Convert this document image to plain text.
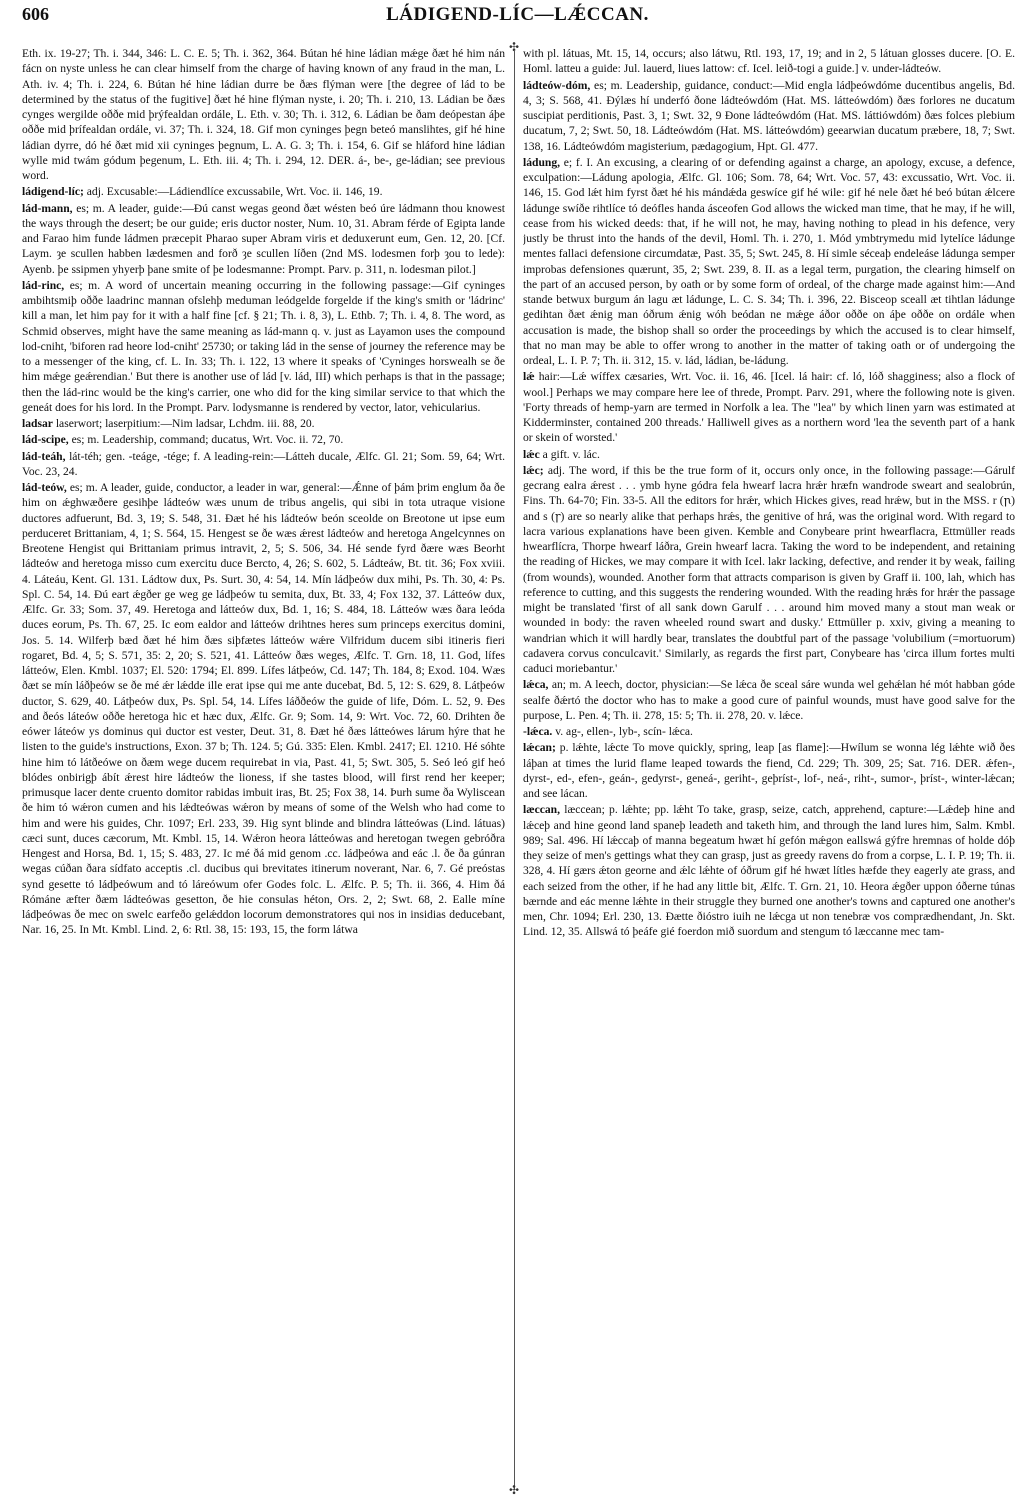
606	LÁDIGEND-LÍC—LǼCCAN.
✣
✣

Eth. ix. 19-27; Th. i. 344, 346: L. C. E. 5; Th. i. 362, 364. Bútan hé hine ládian mǽge ðæt hé him nán fácn on nyste unless he can clear himself from the charge of having known of any fraud in the man, L. Ath. iv. 4; Th. i. 224, 6. Bútan hé hine ládian durre be ðæs flýman were [the degree of lád to be determined by the status of the fugitive] ðæt hé hine flýman nyste, i. 20; Th. i. 210, 13. Ládian be ðæs cynges wergilde oððe mid þrýfealdan ordále, L. Eth. v. 30; Th. i. 312, 6. Ládian be ðam deópestan áþe oððe mid þrífealdan ordále, vi. 37; Th. i. 324, 18. Gif mon cyninges þegn beteó manslihtes, gif hé hine ládian dyrre, dó hé ðæt mid xii cyninges þegnum, L. A. G. 3; Th. i. 154, 6. Gif se hláford hine ládian wylle mid twám gódum þegenum, L. Eth. iii. 4; Th. i. 294, 12. DER. á-, be-, ge-ládian; see previous word.

ládigend-líc; adj. Excusable:—Ládiendlíce excussabile, Wrt. Voc. ii. 146, 19.

lád-mann, es; m. A leader, guide:—Ðú canst wegas geond ðæt wésten beó úre ládmann thou knowest the ways through the desert; be our guide; eris ductor noster, Num. 10, 31. Abram férde of Egipta lande and Farao him funde ládmen præcepit Pharao super Abram viris et deduxerunt eum, Gen. 12, 20. [Cf. Laym. ȝe scullen habben lædesmen and forð ȝe scullen líðen (2nd MS. lodesmen forþ ȝou to lede): Ayenb. þe ssipmen yhyerþ þane smite of þe lodesmanne: Prompt. Parv. p. 311, n. lodesman pilot.]

lád-rinc, es; m. A word of uncertain meaning occurring in the following passage:—Gif cyninges ambihtsmiþ oððe laadrinc mannan ofslehþ meduman leódgelde forgelde if the king's smith or 'ládrinc' kill a man, let him pay for it with a half fine [cf. § 21; Th. i. 8, 3), L. Ethb. 7; Th. i. 4, 8. The word, as Schmid observes, might have the same meaning as lád-mann q. v. just as Layamon uses the compound lod-cniht, 'biforen rad heore lod-cniht' 25730; or taking lád in the sense of journey the reference may be to a messenger of the king, cf. L. In. 33; Th. i. 122, 13 where it speaks of 'Cyninges horswealh se ðe him mǽge geǽrendian.' But there is another use of lád [v. lád, III) which perhaps is that in the passage; then the lád-rinc would be the king's carrier, one who did for the king similar service to that which the geneát does for his lord. In the Prompt. Parv. lodysmanne is rendered by vector, lator, vehicularius.

ladsar laserwort; laserpitium:—Nim ladsar, Lchdm. iii. 88, 20.

lád-scipe, es; m. Leadership, command; ducatus, Wrt. Voc. ii. 72, 70.

lád-teáh, lát-téh; gen. -teáge, -tége; f. A leading-rein:—Látteh ducale, Ælfc. Gl. 21; Som. 59, 64; Wrt. Voc. 23, 24.

lád-teów, es; m. A leader, guide, conductor, a leader in war, general:—Ǽnne of þám þrim englum ða ðe him on ǽghwæðere gesihþe ládteów wæs unum de tribus angelis, qui sibi in tota utraque visione ductores adfuerunt, Bd. 3, 19; S. 548, 31. Ðæt hé his ládteów beón sceolde on Breotone ut ipse eum perduceret Brittaniam, 4, 1; S. 564, 15. Hengest se ðe wæs ǽrest ládteów and heretoga Angelcynnes on Breotene Hengist qui Brittaniam primus intravit, 2, 5; S. 506, 34. Hé sende fyrd ðære wæs Beorht ládteów and heretoga misso cum exercitu duce Bercto, 4, 26; S. 602, 5. Ládteáw, Bt. tit. 36; Fox xviii. 4. Láteáu, Kent. Gl. 131. Ládtow dux, Ps. Surt. 30, 4: 54, 14. Mín ládþeów dux mihi, Ps. Th. 30, 4: Ps. Spl. C. 54, 14. Ðú eart ǽgðer ge weg ge ládþeów tu semita, dux, Bt. 33, 4; Fox 132, 37. Látteów dux, Ælfc. Gr. 33; Som. 37, 49. Heretoga and látteów dux, Bd. 1, 16; S. 484, 18. Látteów wæs ðara leóda duces eorum, Ps. Th. 67, 25. Ic eom ealdor and látteów drihtnes heres sum princeps exercitus domini, Jos. 5. 14. Wilferþ bæd ðæt hé him ðæs siþfætes látteów wǽre Vilfridum ducem sibi itineris fieri rogaret, Bd. 4, 5; S. 571, 35: 2, 20; S. 521, 41. Látteów ðæs weges, Ælfc. T. Grn. 18, 11. God, lífes látteów, Elen. Kmbl. 1037; El. 520: 1794; El. 899. Lífes látþeów, Cd. 147; Th. 184, 8; Exod. 104. Wæs ðæt se mín láðþeów se ðe mé ǽr lǽdde ille erat ipse qui me ante ducebat, Bd. 5, 12: S. 629, 8. Látþeów ductor, S. 629, 40. Látþeów dux, Ps. Spl. 54, 14. Lífes láððeów the guide of life, Dóm. L. 52, 9. Ðes and ðeós láteów oððe heretoga hic et hæc dux, Ælfc. Gr. 9; Som. 14, 9: Wrt. Voc. 72, 60. Drihten ðe eówer láteów ys dominus qui ductor est vester, Deut. 31, 8. Ðæt hé ðæs látteówes lárum hýre that he listen to the guide's instructions, Exon. 37 b; Th. 124. 5; Gú. 335: Elen. Kmbl. 2417; El. 1210. Hé sóhte hine him tó látðeówe on ðæm wege ducem requirebat in via, Past. 41, 5; Swt. 305, 5. Seó leó gif heó blódes onbirigþ ábít ǽrest hire ládteów the lioness, if she tastes blood, will first rend her keeper; primusque lacer dente cruento domitor rabidas imbuit iras, Bt. 25; Fox 38, 14. Þurh sume ða Wyliscean ðe him tó wǽron cumen and his lǽdteówas wǽron by means of some of the Welsh who had come to him and were his guides, Chr. 1097; Erl. 233, 39. Hig synt blinde and blindra látteówas (Lind. látuas) cæci sunt, duces cæcorum, Mt. Kmbl. 15, 14. Wǽron heora látteówas and heretogan twegen gebróðra Hengest and Horsa, Bd. 1, 15; S. 483, 27. Ic mé ðá mid genom .cc. ládþeówa and eác .l. ðe ða gúnran wegas cúðan ðara sídfato acceptis .cl. ducibus qui brevitates itinerum noverant, Nar. 6, 7. Gé preóstas synd gesette tó ládþeówum and tó láreówum ofer Godes folc. L. Ælfc. P. 5; Th. ii. 366, 4. Him ðá Rómáne æfter ðæm ládteówas gesetton, ðe hie consulas héton, Ors. 2, 2; Swt. 68, 2. Ealle míne ládþeówas ðe mec on swelc earfeðo gelǽddon locorum demonstratores qui nos in insidias deducebant, Nar. 16, 25. In Mt. Kmbl. Lind. 2, 6: Rtl. 38, 15: 193, 15, the form látwa

with pl. látuas, Mt. 15, 14, occurs; also látwu, Rtl. 193, 17, 19; and in 2, 5 látuan glosses ducere. [O. E. Homl. latteu a guide: Jul. lauerd, liues lattow: cf. Icel. leið-togi a guide.] v. under-ládteów.

ládteów-dóm, es; m. Leadership, guidance, conduct:—Mid engla ládþeówdóme ducentibus angelis, Bd. 4, 3; S. 568, 41. Ðýlæs hí underfó ðone ládteówdóm (Hat. MS. látteówdóm) ðæs forlores ne ducatum suscipiat perditionis, Past. 3, 1; Swt. 32, 9 Ðone ládteówdóm (Hat. MS. láttiówdóm) ðæs folces plebium ducatum, 7, 2; Swt. 50, 18. Ládteówdóm (Hat. MS. látteówdóm) geearwian ducatum præbere, 18, 7; Swt. 138, 16. Ládteówdóm magisterium, pædagogium, Hpt. Gl. 477.

ládung, e; f. I. An excusing, a clearing of or defending against a charge, an apology, excuse, a defence, exculpation:—Ládung apologia, Ælfc. Gl. 106; Som. 78, 64; Wrt. Voc. 57, 43: excussatio, Wrt. Voc. ii. 146, 15. God lǽt him fyrst ðæt hé his mándǽda geswíce gif hé wile: gif hé nele ðæt hé beó bútan ǽlcere ládunge swíðe rihtlíce tó deófles handa ásceofen God allows the wicked man time, that he may, if he will, cease from his wicked deeds: that, if he will not, he may, having nothing to plead in his defence, very justly be thrust into the hands of the devil, Homl. Th. i. 270, 1. Mód ymbtrymedu mid lytelíce ládunge mentes fallaci defensione circumdatæ, Past. 35, 5; Swt. 245, 8. Hí simle séceaþ endeleáse ládunga semper improbas defensiones quærunt, 35, 2; Swt. 239, 8. II. as a legal term, purgation, the clearing himself on the part of an accused person, by oath or by some form of ordeal, of the charge made against him:—And stande betwux burgum án lagu æt ládunge, L. C. S. 34; Th. i. 396, 22. Bisceop sceall æt tihtlan ládunge gedihtan ðæt ǽnig man óðrum ǽnig wóh beódan ne mǽge áðor oððe on áþe oððe on ordále when accusation is made, the bishop shall so order the proceedings by which the accused is to clear himself, that no man may be able to offer wrong to another in the matter of taking oath or of undergoing the ordeal, L. I. P. 7; Th. ii. 312, 15. v. lád, ládian, be-ládung.

lǽ hair:—Lǽ wíffex cæsaries, Wrt. Voc. ii. 16, 46. [Icel. lá hair: cf. ló, lóð shagginess; also a flock of wool.] Perhaps we may compare here lee of threde, Prompt. Parv. 291, where the following note is given. 'Forty threads of hemp-yarn are termed in Norfolk a lea. The "lea" by which linen yarn was estimated at Kidderminster, contained 200 threads.' Halliwell gives as a northern word 'lea the seventh part of a hank or skein of worsted.'

lǽc a gift. v. lác.

lǽc; adj. The word, if this be the true form of it, occurs only once, in the following passage:—Gárulf gecrang ealra ǽrest . . . ymb hyne gódra fela hwearf lacra hrǽr hræfn wandrode sweart and sealobrún, Fins. Th. 64-70; Fin. 33-5. All the editors for hrǽr, which Hickes gives, read hrǽw, but in the MSS. r (ꞃ) and s (ꞅ) are so nearly alike that perhaps hrǽs, the genitive of hrá, was the original word. With regard to lacra various explanations have been given. Kemble and Conybeare print hwearflacra, Ettmüller reads hwearflícra, Thorpe hwearf láðra, Grein hwearf lacra. Taking the word to be independent, and retaining the reading of Hickes, we may compare it with Icel. lakr lacking, defective, and render it by weak, failing (from wounds), wounded. Another form that attracts comparison is given by Graff ii. 100, lah, which has reference to cutting, and this suggests the rendering wounded. With the reading hrǽs for hrǽr the passage might be translated 'first of all sank down Garulf . . . around him moved many a stout man weak or wounded in body: the raven wheeled round swart and dusky.' Ettmüller p. xxiv, giving a meaning to wandrian which it will hardly bear, translates the doubtful part of the passage 'volubilium (=mortuorum) cadavera corvus conculcavit.' Similarly, as regards the first part, Conybeare has 'circa illum fortes multi caduci moriebantur.'

lǽca, an; m. A leech, doctor, physician:—Se lǽca ðe sceal sáre wunda wel gehǽlan hé mót habban góde sealfe ðǽrtó the doctor who has to make a good cure of painful wounds, must have good salve for the purpose, L. Pen. 4; Th. ii. 278, 15: 5; Th. ii. 278, 20. v. lǽce.

-lǽca. v. ag-, ellen-, lyb-, scín- lǽca.

lǽcan; p. lǽhte, lǽcte To move quickly, spring, leap [as flame]:—Hwílum se wonna lég lǽhte wið ðes láþan at times the lurid flame leaped towards the fiend, Cd. 229; Th. 309, 25; Sat. 716. DER. ǽfen-, dyrst-, ed-, efen-, geán-, gedyrst-, geneá-, geriht-, geþríst-, lof-, neá-, riht-, sumor-, þríst-, winter-lǽcan; and see lácan.

læccan, læccean; p. lǽhte; pp. lǽht To take, grasp, seize, catch, apprehend, capture:—Lǽdeþ hine and lǽceþ and hine geond land spaneþ leadeth and taketh him, and through the land lures him, Salm. Kmbl. 989; Sal. 496. Hí lǽccaþ of manna begeatum hwæt hí gefón mǽgon eallswá gýfre hremnas of holde dóþ they seize of men's gettings what they can grasp, just as greedy ravens do from a corpse, L. I. P. 19; Th. ii. 328, 4. Hí gærs ǽton georne and ǽlc lǽhte of óðrum gif hé hwæt lítles hæfde they eagerly ate grass, and each seized from the other, if he had any little bit, Ælfc. T. Grn. 21, 10. Heora ǽgðer uppon óðerne túnas bærnde and eác menne lǽhte in their struggle they burned one another's towns and captured one another's men, Chr. 1094; Erl. 230, 13. Ðætte ðióstro iuih ne lǽcga ut non tenebræ vos comprædhendant, Jn. Skt. Lind. 12, 35. Allswá tó þeáfe gié foerdon mið suordum and stengum tó læccanne mec tam-
